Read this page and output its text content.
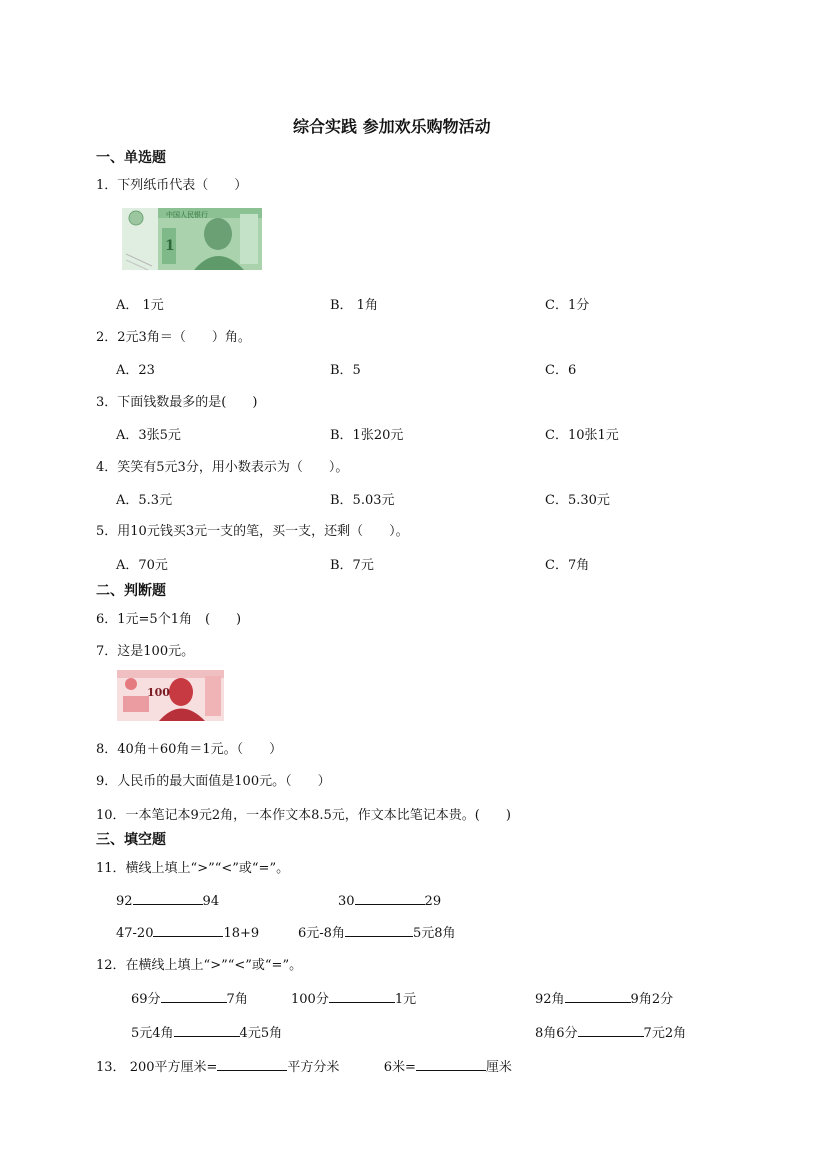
综合实践 参加欢乐购物活动
一、单选题
1．下列纸币代表（　　）
中国人民银行
1
A． 1元	B． 1角	C．1分
2．2元3角＝（　　）角。
A．23	B．5	C．6
3．下面钱数最多的是(　　)
A．3张5元	B．1张20元	C．10张1元
4．笑笑有5元3分，用小数表示为（　　）。
A．5.3元	B．5.03元	C．5.30元
5．用10元钱买3元一支的笔，买一支，还剩（　　）。
A．70元	B．7元	C．7角
二、判断题
6．1元=5个1角　(　　)
7．这是100元。
100
8．40角＋60角＝1元。（　　）
9．人民币的最大面值是100元。（　　）
10．一本笔记本9元2角，一本作文本8.5元，作文本比笔记本贵。(　　)
三、填空题
11．横线上填上“>”“<”或“=”。
92	94	30	29
47-20	18+9	6元-8角	5元8角
12．在横线上填上“>”“<”或“=”。
69分	7角	100分	1元	92角	9角2分
5元4角	4元5角	8角6分	7元2角
13． 200平方厘米=	平方分米	6米=	厘米
